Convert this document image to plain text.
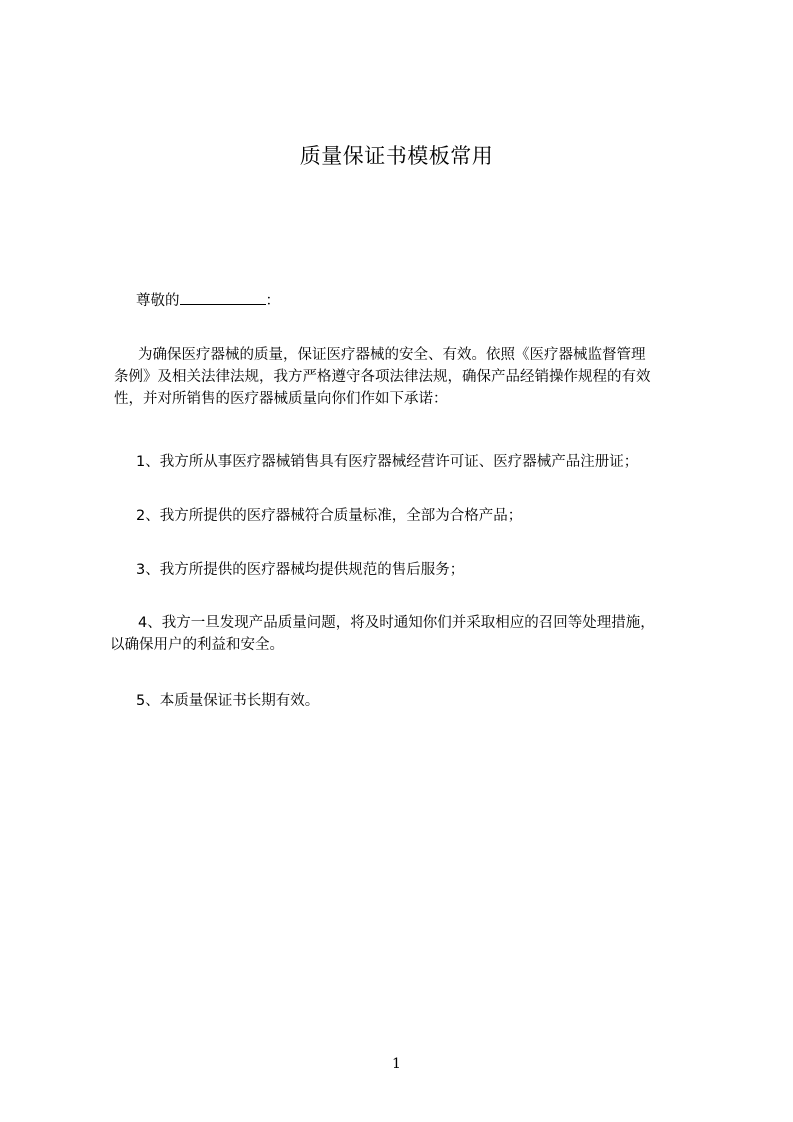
质量保证书模板常用

尊敬的	：

为确保医疗器械的质量，保证医疗器械的安全、有效。依照《医疗器械监督管理
条例》及相关法律法规，我方严格遵守各项法律法规，确保产品经销操作规程的有效
性，并对所销售的医疗器械质量向你们作如下承诺：

1、我方所从事医疗器械销售具有医疗器械经营许可证、医疗器械产品注册证；

2、我方所提供的医疗器械符合质量标准，全部为合格产品；

3、我方所提供的医疗器械均提供规范的售后服务；

4、我方一旦发现产品质量问题，将及时通知你们并采取相应的召回等处理措施，
以确保用户的利益和安全。

5、本质量保证书长期有效。

1
